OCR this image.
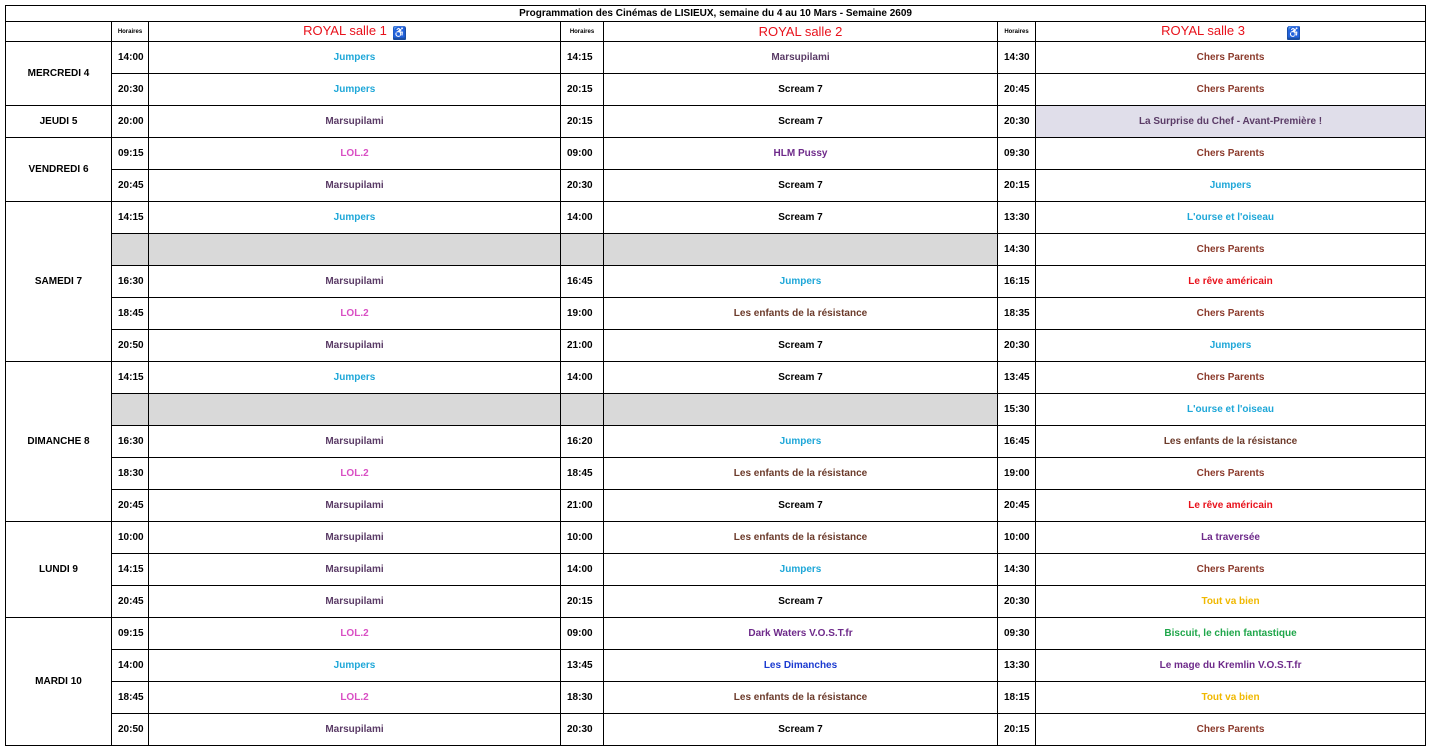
Programmation des Cinémas de LISIEUX, semaine du 4 au 10 Mars - Semaine 2609						
	Horaires	ROYAL salle 1 ♿	Horaires	ROYAL salle 2	Horaires	ROYAL salle 3 ♿
MERCREDI 4	14:00	Jumpers	14:15	Marsupilami	14:30	Chers Parents
	20:30	Jumpers	20:15	Scream 7	20:45	Chers Parents
JEUDI 5	20:00	Marsupilami	20:15	Scream 7	20:30	La Surprise du Chef - Avant-Première !
VENDREDI 6	09:15	LOL.2	09:00	HLM Pussy	09:30	Chers Parents
	20:45	Marsupilami	20:30	Scream 7	20:15	Jumpers
SAMEDI 7	14:15	Jumpers	14:00	Scream 7	13:30	L'ourse et l'oiseau
					14:30	Chers Parents
	16:30	Marsupilami	16:45	Jumpers	16:15	Le rêve américain
	18:45	LOL.2	19:00	Les enfants de la résistance	18:35	Chers Parents
	20:50	Marsupilami	21:00	Scream 7	20:30	Jumpers
DIMANCHE 8	14:15	Jumpers	14:00	Scream 7	13:45	Chers Parents
					15:30	L'ourse et l'oiseau
	16:30	Marsupilami	16:20	Jumpers	16:45	Les enfants de la résistance
	18:30	LOL.2	18:45	Les enfants de la résistance	19:00	Chers Parents
	20:45	Marsupilami	21:00	Scream 7	20:45	Le rêve américain
LUNDI 9	10:00	Marsupilami	10:00	Les enfants de la résistance	10:00	La traversée
	14:15	Marsupilami	14:00	Jumpers	14:30	Chers Parents
	20:45	Marsupilami	20:15	Scream 7	20:30	Tout va bien
MARDI 10	09:15	LOL.2	09:00	Dark Waters V.O.S.T.fr	09:30	Biscuit, le chien fantastique
	14:00	Jumpers	13:45	Les Dimanches	13:30	Le mage du Kremlin V.O.S.T.fr
	18:45	LOL.2	18:30	Les enfants de la résistance	18:15	Tout va bien
	20:50	Marsupilami	20:30	Scream 7	20:15	Chers Parents
